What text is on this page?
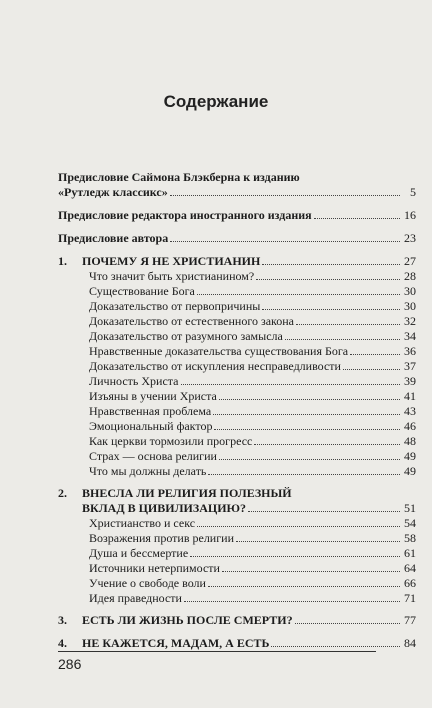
Содержание
Предисловие Саймона Блэкберна к изданию
«Рутледж классикс»	5
Предисловие редактора иностранного издания	16
Предисловие автора	23
1.	ПОЧЕМУ Я НЕ ХРИСТИАНИН	27
Что значит быть христианином?	28
Существование Бога	30
Доказательство от первопричины	30
Доказательство от естественного закона	32
Доказательство от разумного замысла	34
Нравственные доказательства существования Бога	36
Доказательство от искупления несправедливости	37
Личность Христа	39
Изъяны в учении Христа	41
Нравственная проблема	43
Эмоциональный фактор	46
Как церкви тормозили прогресс	48
Страх — основа религии	49
Что мы должны делать	49
2.	ВНЕСЛА ЛИ РЕЛИГИЯ ПОЛЕЗНЫЙ
ВКЛАД В ЦИВИЛИЗАЦИЮ?	51
Христианство и секс	54
Возражения против религии	58
Душа и бессмертие	61
Источники нетерпимости	64
Учение о свободе воли	66
Идея праведности	71
3.	ЕСТЬ ЛИ ЖИЗНЬ ПОСЛЕ СМЕРТИ?	77
4.	НЕ КАЖЕТСЯ, МАДАМ, А ЕСТЬ	84
286
